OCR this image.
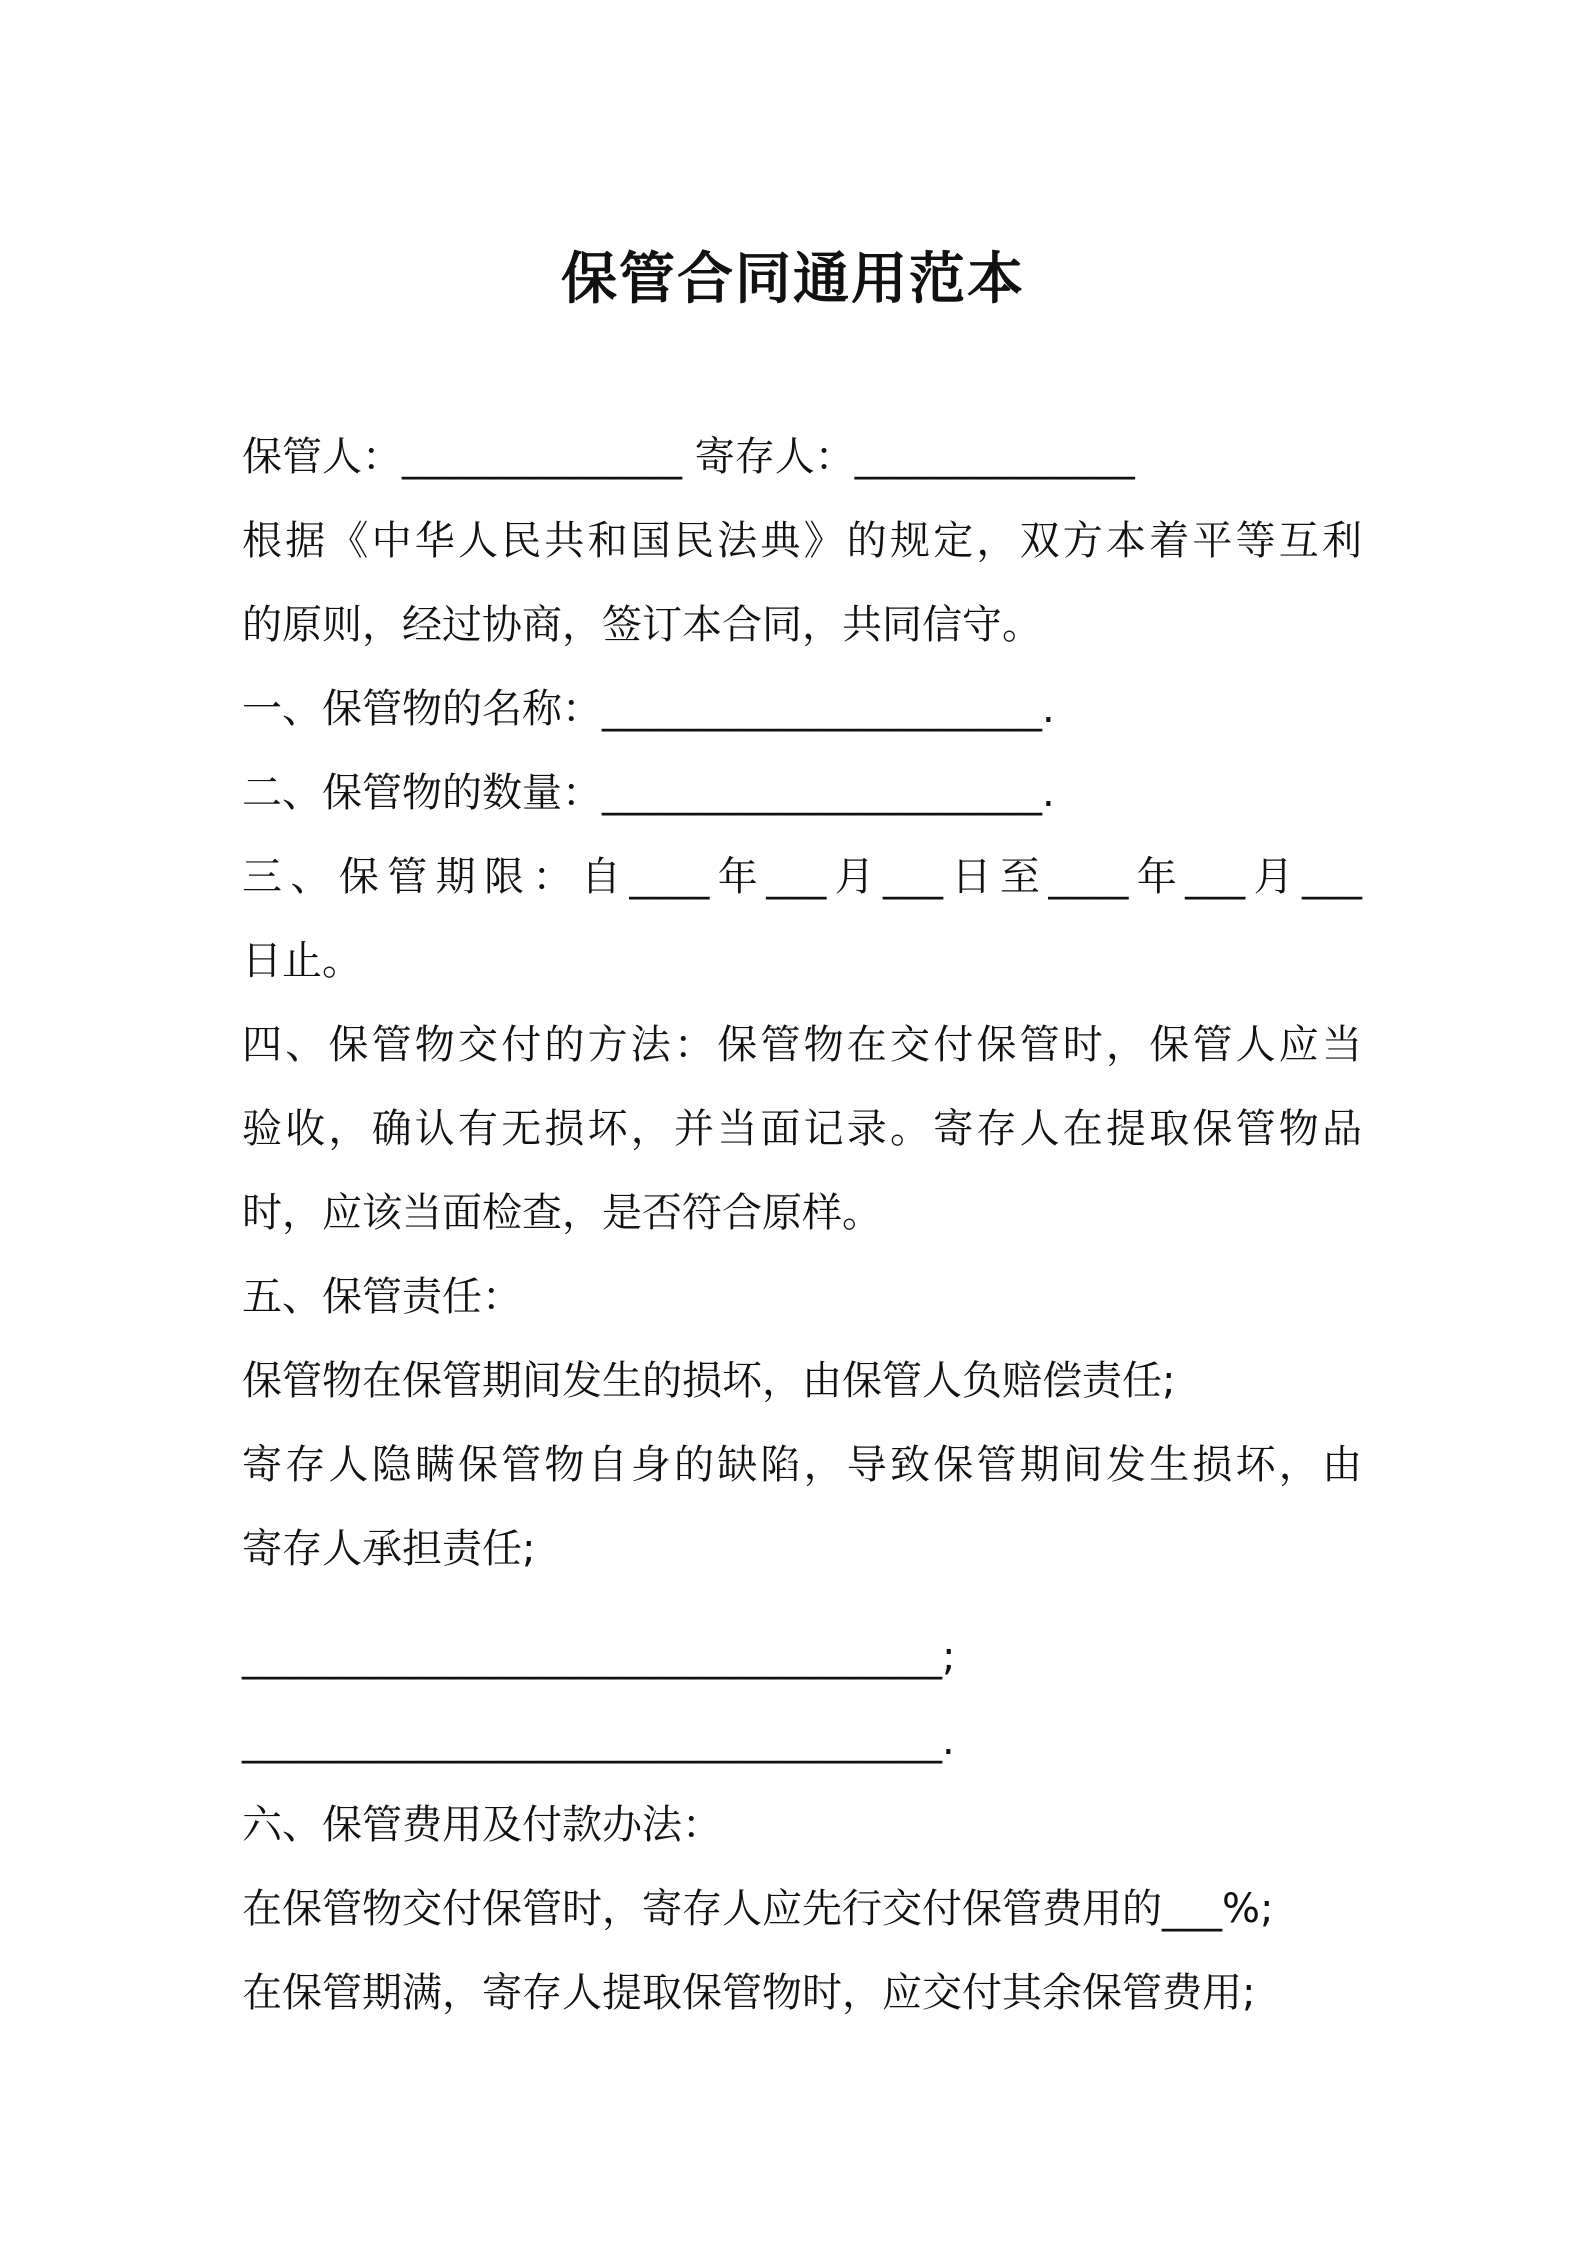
保管合同通用范本

保管人：______________ 寄存人：______________

根据《中华人民共和国民法典》的规定，双方本着平等互利

的原则，经过协商，签订本合同，共同信守。

一、保管物的名称：______________________.

二、保管物的数量：______________________.

三、保管期限：自____年___月___日至____年___月___

日止。

四、保管物交付的方法：保管物在交付保管时，保管人应当

验收，确认有无损坏，并当面记录。寄存人在提取保管物品

时，应该当面检查，是否符合原样。

五、保管责任：

保管物在保管期间发生的损坏，由保管人负赔偿责任;

寄存人隐瞒保管物自身的缺陷，导致保管期间发生损坏，由

寄存人承担责任;

___________________________________;

___________________________________.

六、保管费用及付款办法：

在保管物交付保管时，寄存人应先行交付保管费用的___%;

在保管期满，寄存人提取保管物时，应交付其余保管费用;
